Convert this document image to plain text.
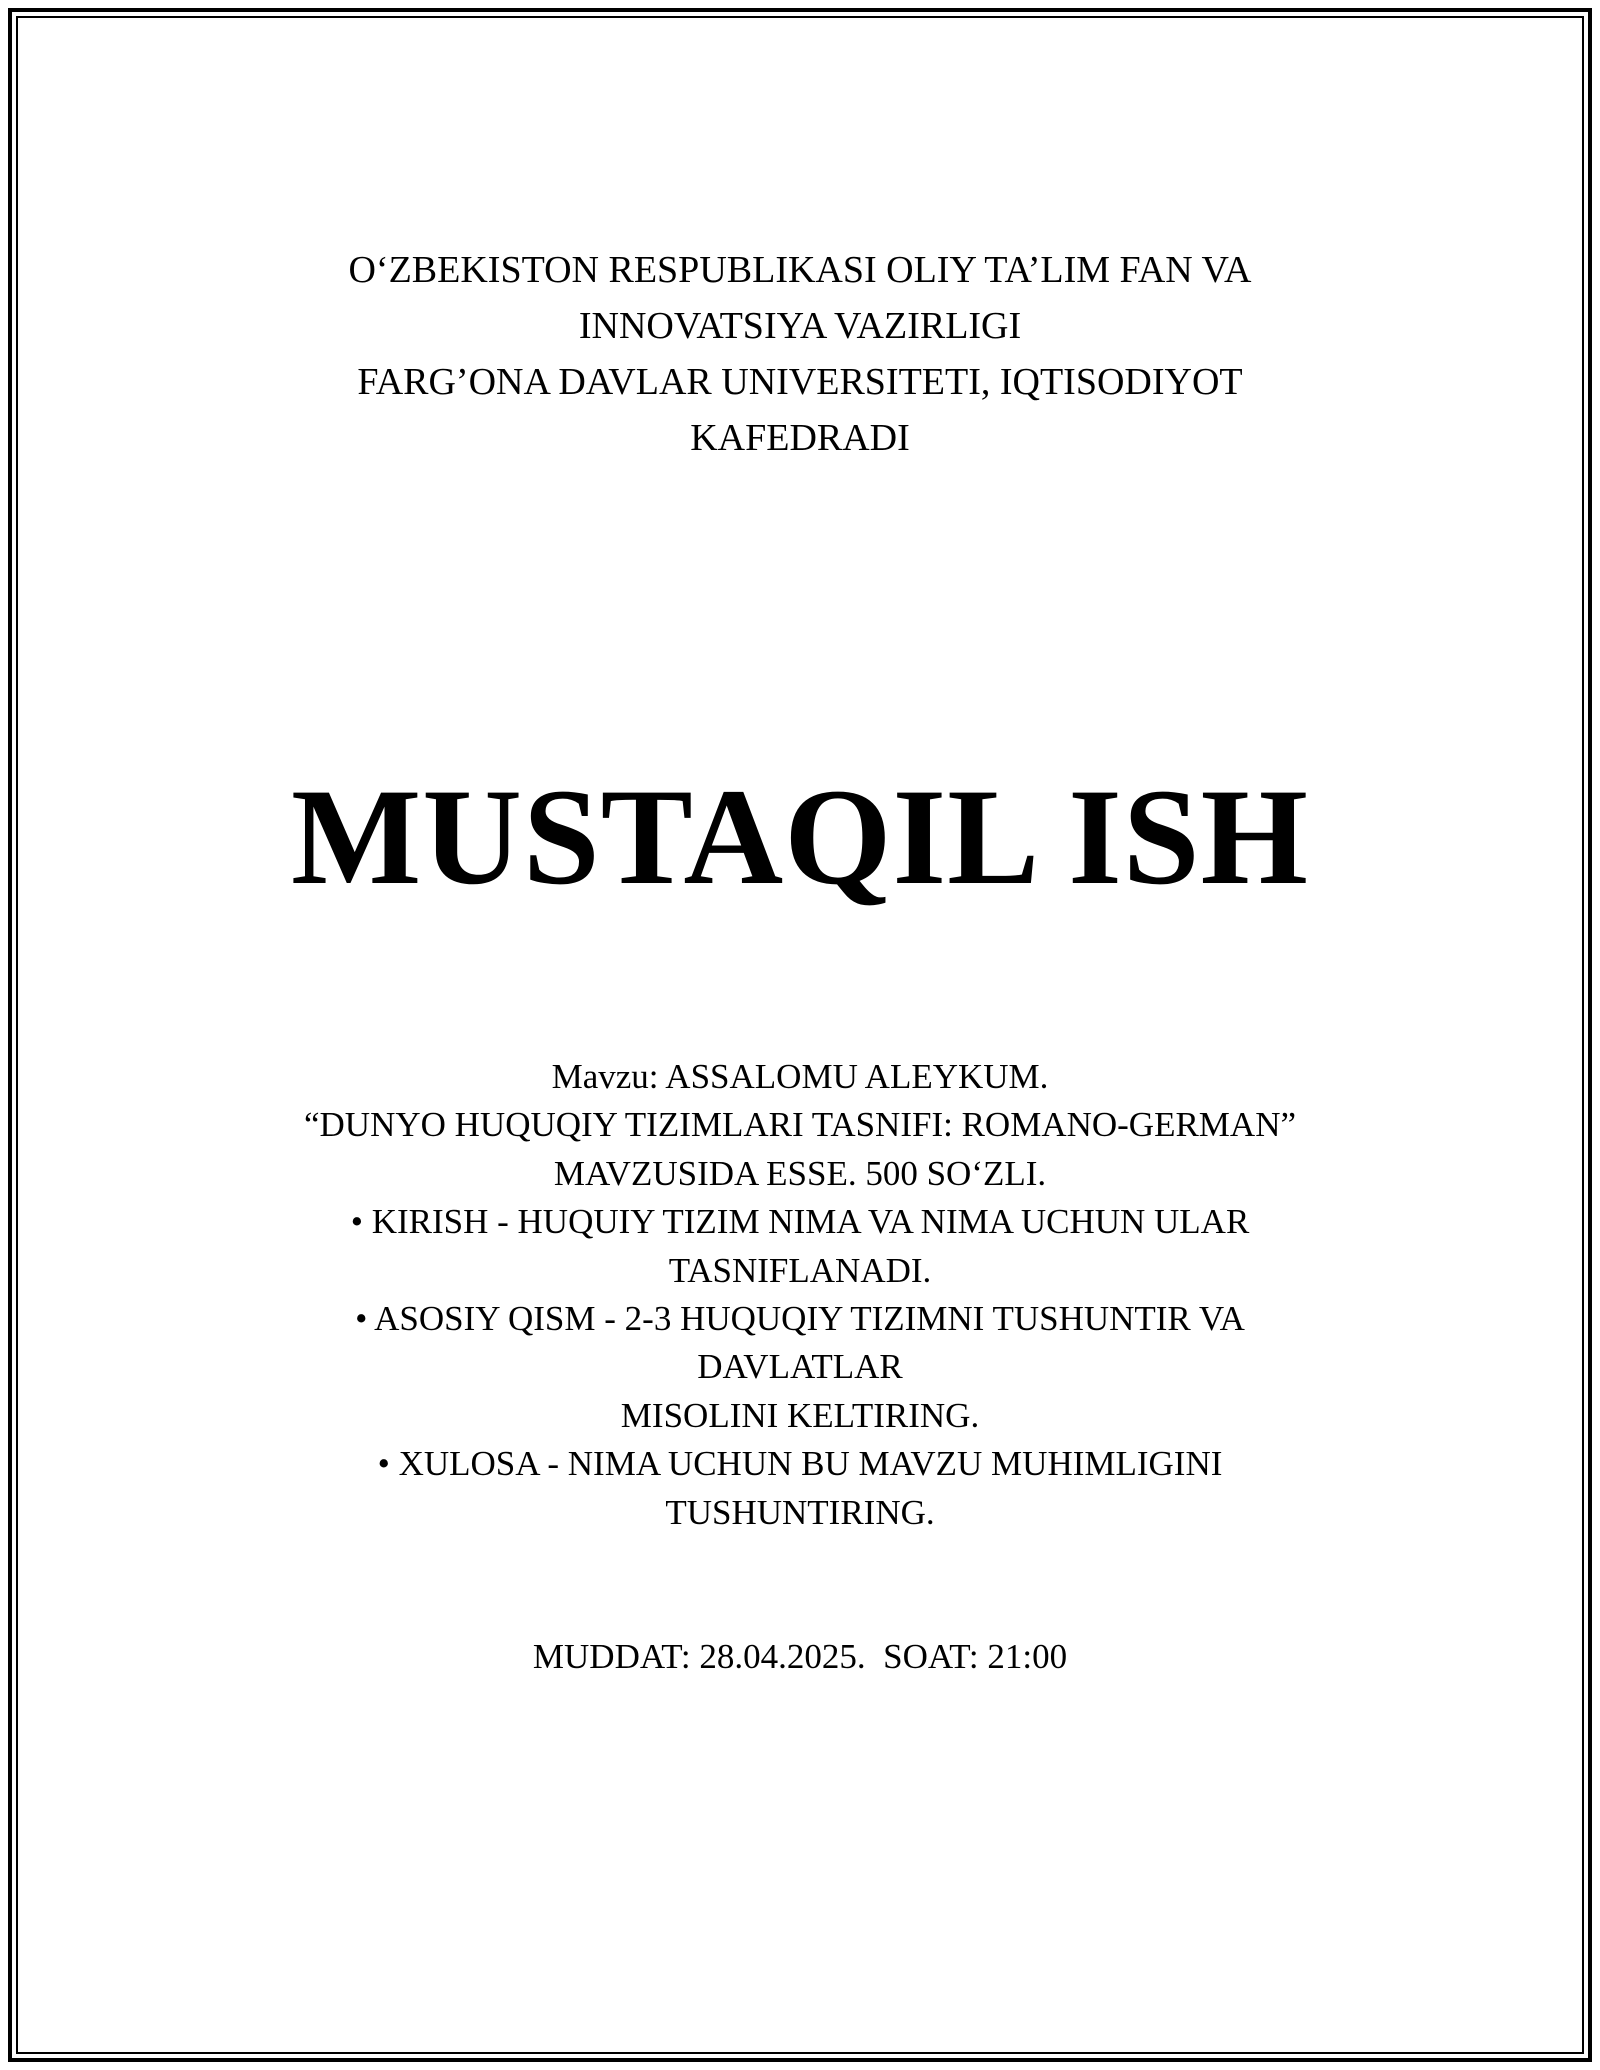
O‘ZBEKISTON RESPUBLIKASI OLIY TA’LIM FAN VA
INNOVATSIYA VAZIRLIGI
FARG’ONA DAVLAR UNIVERSITETI, IQTISODIYOT
KAFEDRADI
MUSTAQIL ISH
Mavzu: ASSALOMU ALEYKUM.
“DUNYO HUQUQIY TIZIMLARI TASNIFI: ROMANO-GERMAN”
MAVZUSIDA ESSE. 500 SO‘ZLI.
• KIRISH - HUQUIY TIZIM NIMA VA NIMA UCHUN ULAR
TASNIFLANADI.
• ASOSIY QISM - 2-3 HUQUQIY TIZIMNI TUSHUNTIR VA
DAVLATLAR
MISOLINI KELTIRING.
• XULOSA - NIMA UCHUN BU MAVZU MUHIMLIGINI
TUSHUNTIRING.
MUDDAT: 28.04.2025.  SOAT: 21:00
